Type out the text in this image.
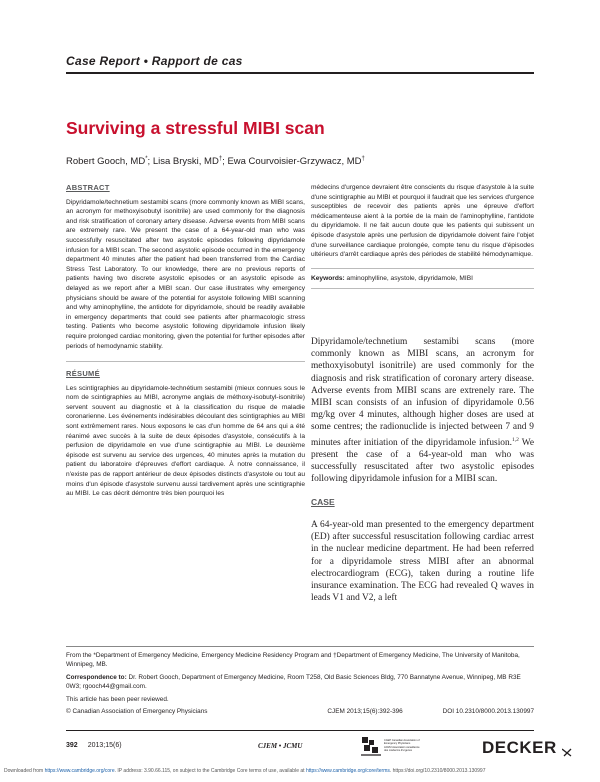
Case Report • Rapport de cas
Surviving a stressful MIBI scan
Robert Gooch, MD*; Lisa Bryski, MD†; Ewa Courvoisier-Grzywacz, MD†
ABSTRACT

Dipyridamole/technetium sestamibi scans (more commonly known as MIBI scans, an acronym for methoxyisobutyl isonitrile) are used commonly for the diagnosis and risk stratification of coronary artery disease. Adverse events from MIBI scans are extremely rare. We present the case of a 64-year-old man who was successfully resuscitated after two asystolic episodes following dipyridamole infusion for a MIBI scan. The second asystolic episode occurred in the emergency department 40 minutes after the patient had been transferred from the Cardiac Stress Test Laboratory. To our knowledge, there are no previous reports of patients having two discrete asystolic episodes or an asystolic episode as delayed as we report after a MIBI scan. Our case illustrates why emergency physicians should be aware of the potential for asystole following MIBI scanning and why aminophylline, the antidote for dipyridamole, should be readily available in emergency departments that could see patients after pharmacologic stress testing. Patients who become asystolic following dipyridamole infusion likely require prolonged cardiac monitoring, given the potential for further episodes after periods of hemodynamic stability.

RÉSUMÉ

Les scintigraphies au dipyridamole-technétium sestamibi (mieux connues sous le nom de scintigraphies au MIBI, acronyme anglais de méthoxy-isobutyl-isonitrile) servent souvent au diagnostic et à la classification du risque de maladie coronarienne. Les événements indésirables découlant des scintigraphies au MIBI sont extrêmement rares. Nous exposons le cas d'un homme de 64 ans qui a été réanimé avec succès à la suite de deux épisodes d'asystole, consécutifs à la perfusion de dipyridamole en vue d'une scintigraphie au MIBI. Le deuxième épisode est survenu au service des urgences, 40 minutes après la mutation du patient du laboratoire d'épreuves d'effort cardiaque. À notre connaissance, il n'existe pas de rapport antérieur de deux épisodes distincts d'asystole ou tout au moins d'un épisode d'asystole survenu aussi tardivement après une scintigraphie au MIBI. Le cas décrit démontre très bien pourquoi les

médecins d'urgence devraient être conscients du risque d'asystole à la suite d'une scintigraphie au MIBI et pourquoi il faudrait que les services d'urgence susceptibles de recevoir des patients après une épreuve d'effort médicamenteuse aient à la portée de la main de l'aminophylline, l'antidote du dipyridamole. Il ne fait aucun doute que les patients qui subissent un épisode d'asystole après une perfusion de dipyridamole doivent faire l'objet d'une surveillance cardiaque prolongée, compte tenu du risque d'épisodes ultérieurs d'arrêt cardiaque après des périodes de stabilité hémodynamique.

Keywords: aminophylline, asystole, dipyridamole, MIBI

Dipyridamole/technetium sestamibi scans (more commonly known as MIBI scans, an acronym for methoxyisobutyl isonitrile) are used commonly for the diagnosis and risk stratification of coronary artery disease. Adverse events from MIBI scans are extrenely rare. The MIBI scan consists of an infusion of dipyridamole 0.56 mg/kg over 4 minutes, although higher doses are used at some centres; the radionuclide is injected between 7 and 9 minutes after initiation of the dipyridamole infusion.$^{1,2}$ We present the case of a 64-year-old man who was successfully resuscitated after two asystolic episodes following dipyridamole infusion for a MIBI scan.
CASE
A 64-year-old man presented to the emergency department (ED) after successful resuscitation following cardiac arrest in the nuclear medicine department. He had been referred for a dipyridamole stress MIBI after an abnormal electrocardiogram (ECG), taken during a routine life insurance examination. The ECG had revealed Q waves in leads V1 and V2, a left

From the *Department of Emergency Medicine, Emergency Medicine Residency Program and †Department of Emergency Medicine, The University of Manitoba, Winnipeg, MB.

Correspondence to: Dr. Robert Gooch, Department of Emergency Medicine, Room T258, Old Basic Sciences Bldg, 770 Bannatyne Avenue, Winnipeg, MB R3E 0W3; rgooch44@gmail.com.

This article has been peer reviewed.

© Canadian Association of Emergency Physicians	CJEM 2013;15(6):392-396	DOI 10.2310/8000.2013.130997
392 2013;15(6)	CJEM • JCMU
CAEP Canadian Association of Emergency Physicians
ACMU Association canadienne des médecins d'urgence	DECKER
Downloaded from https://www.cambridge.org/core. IP address: 3.90.66.115, on subject to the Cambridge Core terms of use, available at https://www.cambridge.org/core/terms. https://doi.org/10.2310/8000.2013.130997
